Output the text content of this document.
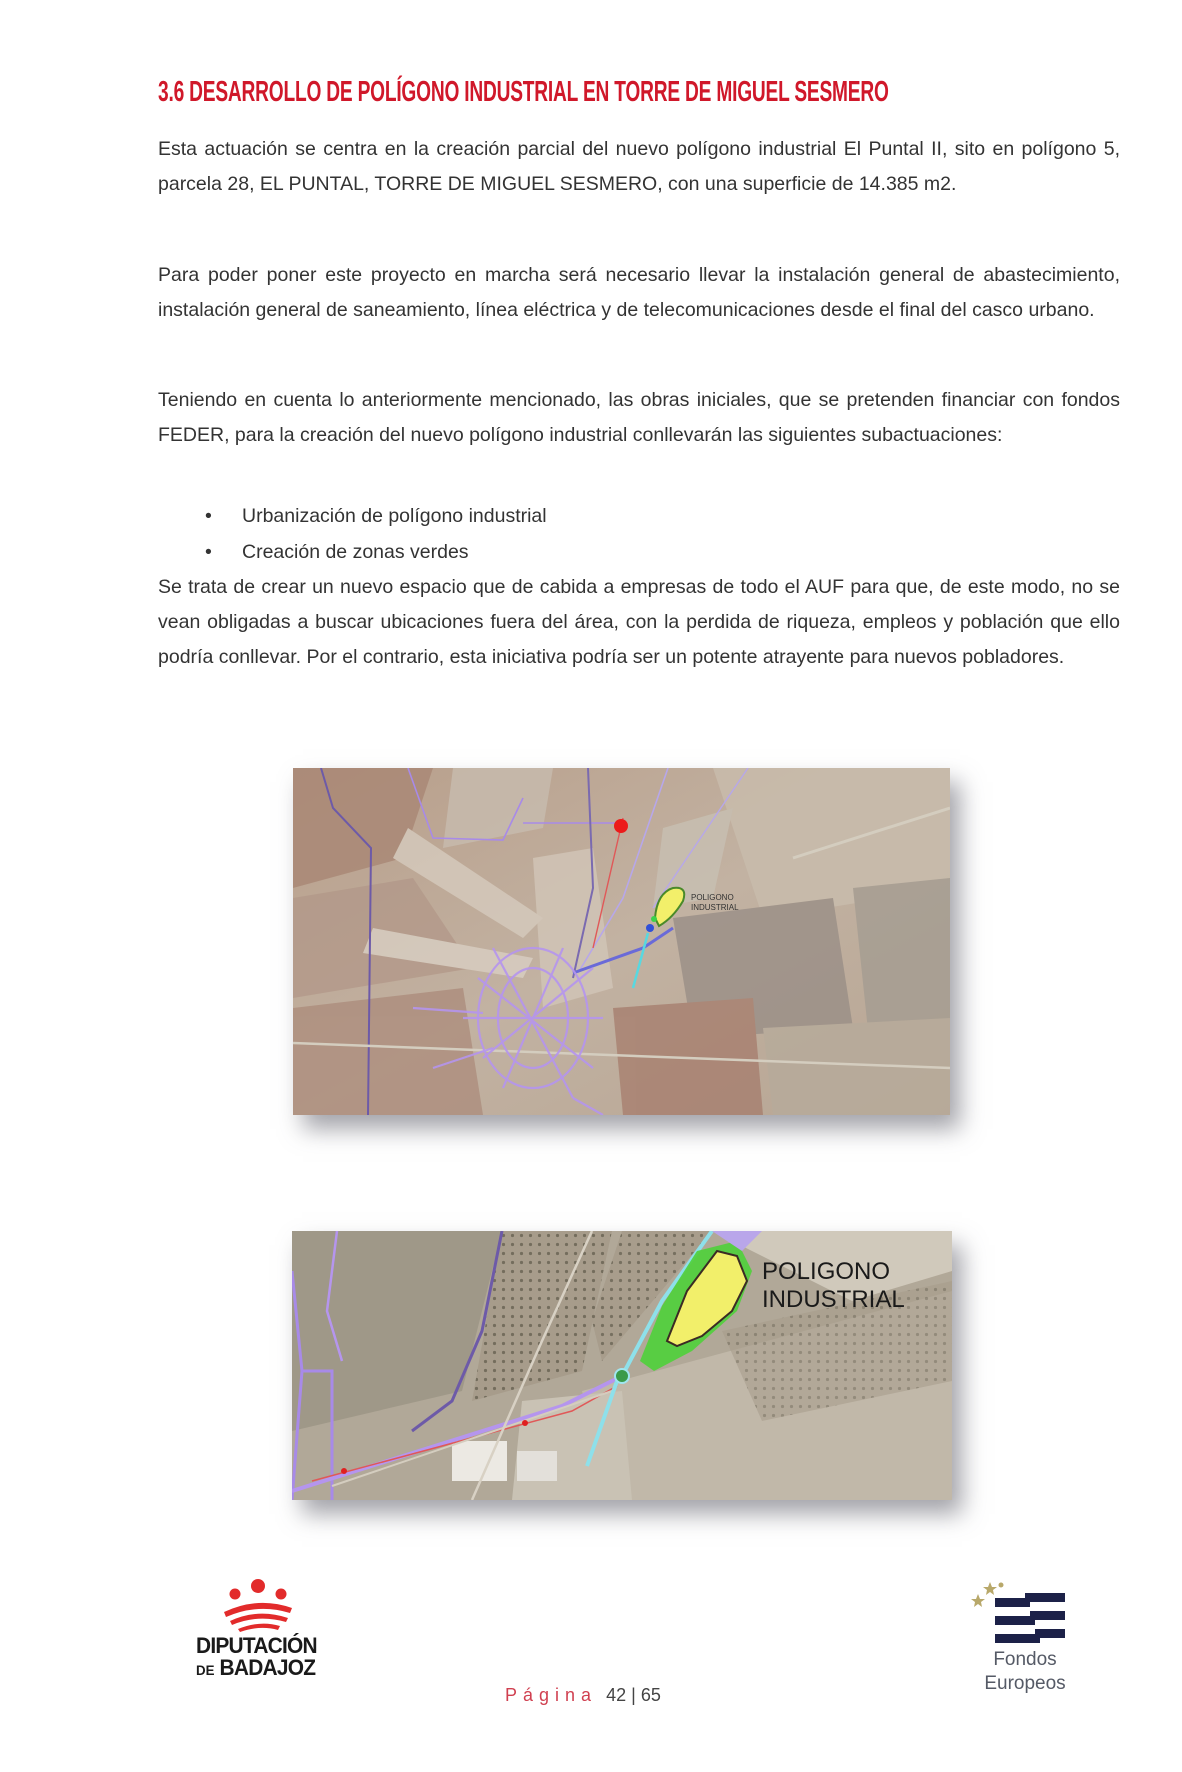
3.6 DESARROLLO DE POLÍGONO INDUSTRIAL EN TORRE DE MIGUEL SESMERO

Esta actuación se centra en la creación parcial del nuevo polígono industrial El Puntal II, sito en polígono 5, parcela 28, EL PUNTAL, TORRE DE MIGUEL SESMERO, con una superficie de 14.385 m2.

Para poder poner este proyecto en marcha será necesario llevar la instalación general de abastecimiento, instalación general de saneamiento, línea eléctrica y de telecomunicaciones desde el final del casco urbano.

Teniendo en cuenta lo anteriormente mencionado, las obras iniciales, que se pretenden financiar con fondos FEDER, para la creación del nuevo polígono industrial conllevarán las siguientes subactuaciones:

• Urbanización de polígono industrial
• Creación de zonas verdes

Se trata de crear un nuevo espacio que de cabida a empresas de todo el AUF para que, de este modo, no se vean obligadas a buscar ubicaciones fuera del área, con la perdida de riqueza, empleos y población que ello podría conllevar. Por el contrario, esta iniciativa podría ser un potente atrayente para nuevos pobladores.

POLIGONO
INDUSTRIAL
POLIGONO
INDUSTRIAL
DIPUTACIÓN
DE BADAJOZ
Página 42 | 65
Fondos
Europeos
